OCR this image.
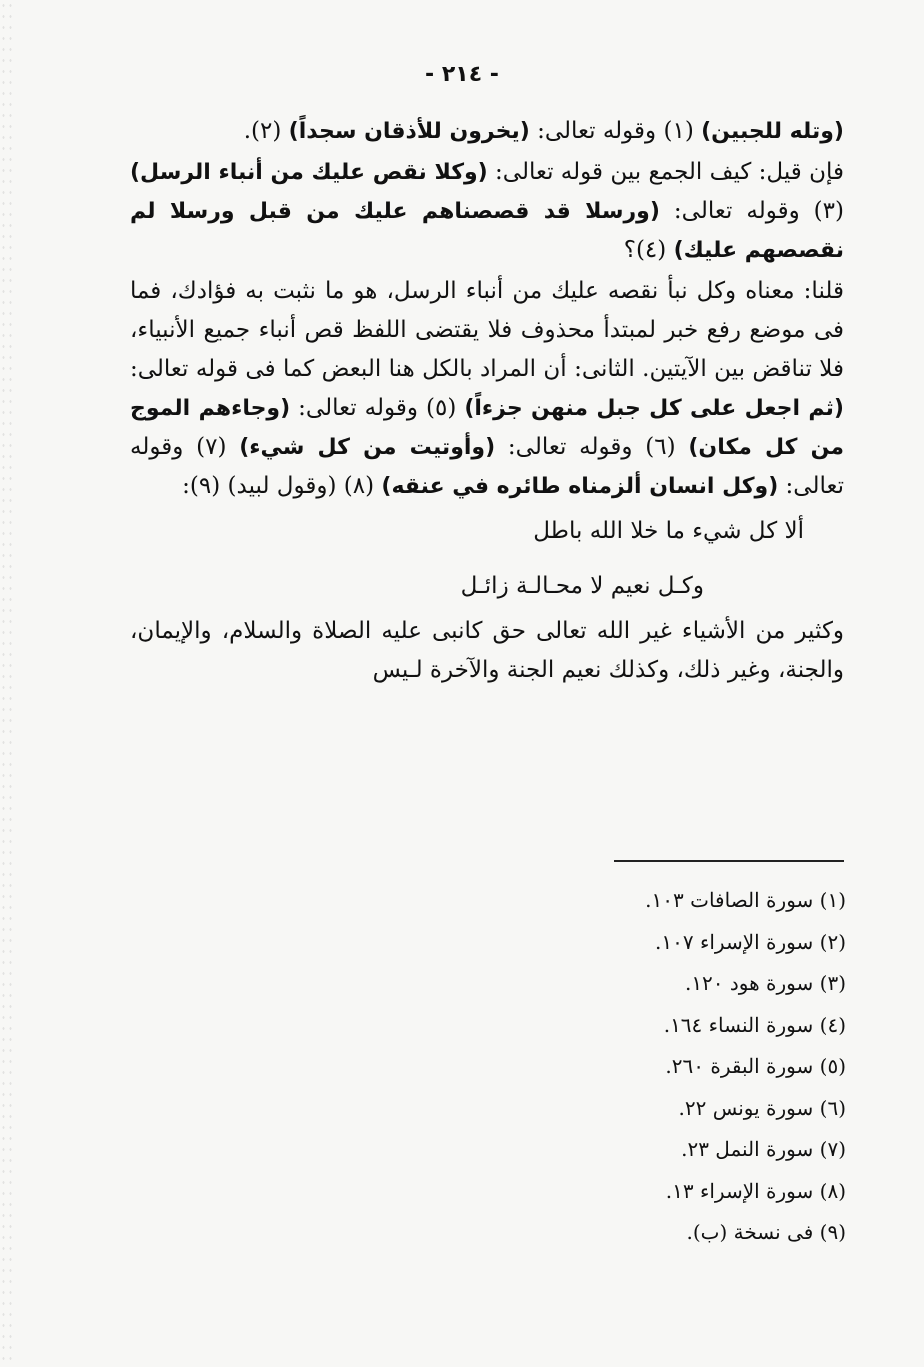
- ٢١٤ -

(وتله للجبين) (١) وقوله تعالى: (يخرون للأذقان سجداً) (٢).

فإن قيل: كيف الجمع بين قوله تعالى: (وكلا نقص عليك من أنباء الرسل) (٣) وقوله تعالى: (ورسلا قد قصصناهم عليك من قبل ورسلا لم نقصصهم عليك) (٤)؟

قلنا: معناه وكل نبأ نقصه عليك من أنباء الرسل، هو ما نثبت به فؤادك، فما فى موضع رفع خبر لمبتدأ محذوف فلا يقتضى اللفظ قص أنباء جميع الأنبياء، فلا تناقض بين الآيتين. الثانى: أن المراد بالكل هنا البعض كما فى قوله تعالى: (ثم اجعل على كل جبل منهن جزءاً) (٥) وقوله تعالى: (وجاءهم الموج من كل مكان) (٦) وقوله تعالى: (وأوتيت من كل شيء) (٧) وقوله تعالى: (وكل انسان ألزمناه طائره في عنقه) (٨) (وقول لبيد) (٩):

ألا كل شيء ما خلا الله باطل
وكـل نعيم لا محـالـة زائـل

وكثير من الأشياء غير الله تعالى حق كانبى عليه الصلاة والسلام، والإيمان، والجنة، وغير ذلك، وكذلك نعيم الجنة والآخرة لـيس

(١) سورة الصافات ١٠٣.
(٢) سورة الإسراء ١٠٧.
(٣) سورة هود ١٢٠.
(٤) سورة النساء ١٦٤.
(٥) سورة البقرة ٢٦٠.
(٦) سورة يونس ٢٢.
(٧) سورة النمل ٢٣.
(٨) سورة الإسراء ١٣.
(٩) فى نسخة (ب).
